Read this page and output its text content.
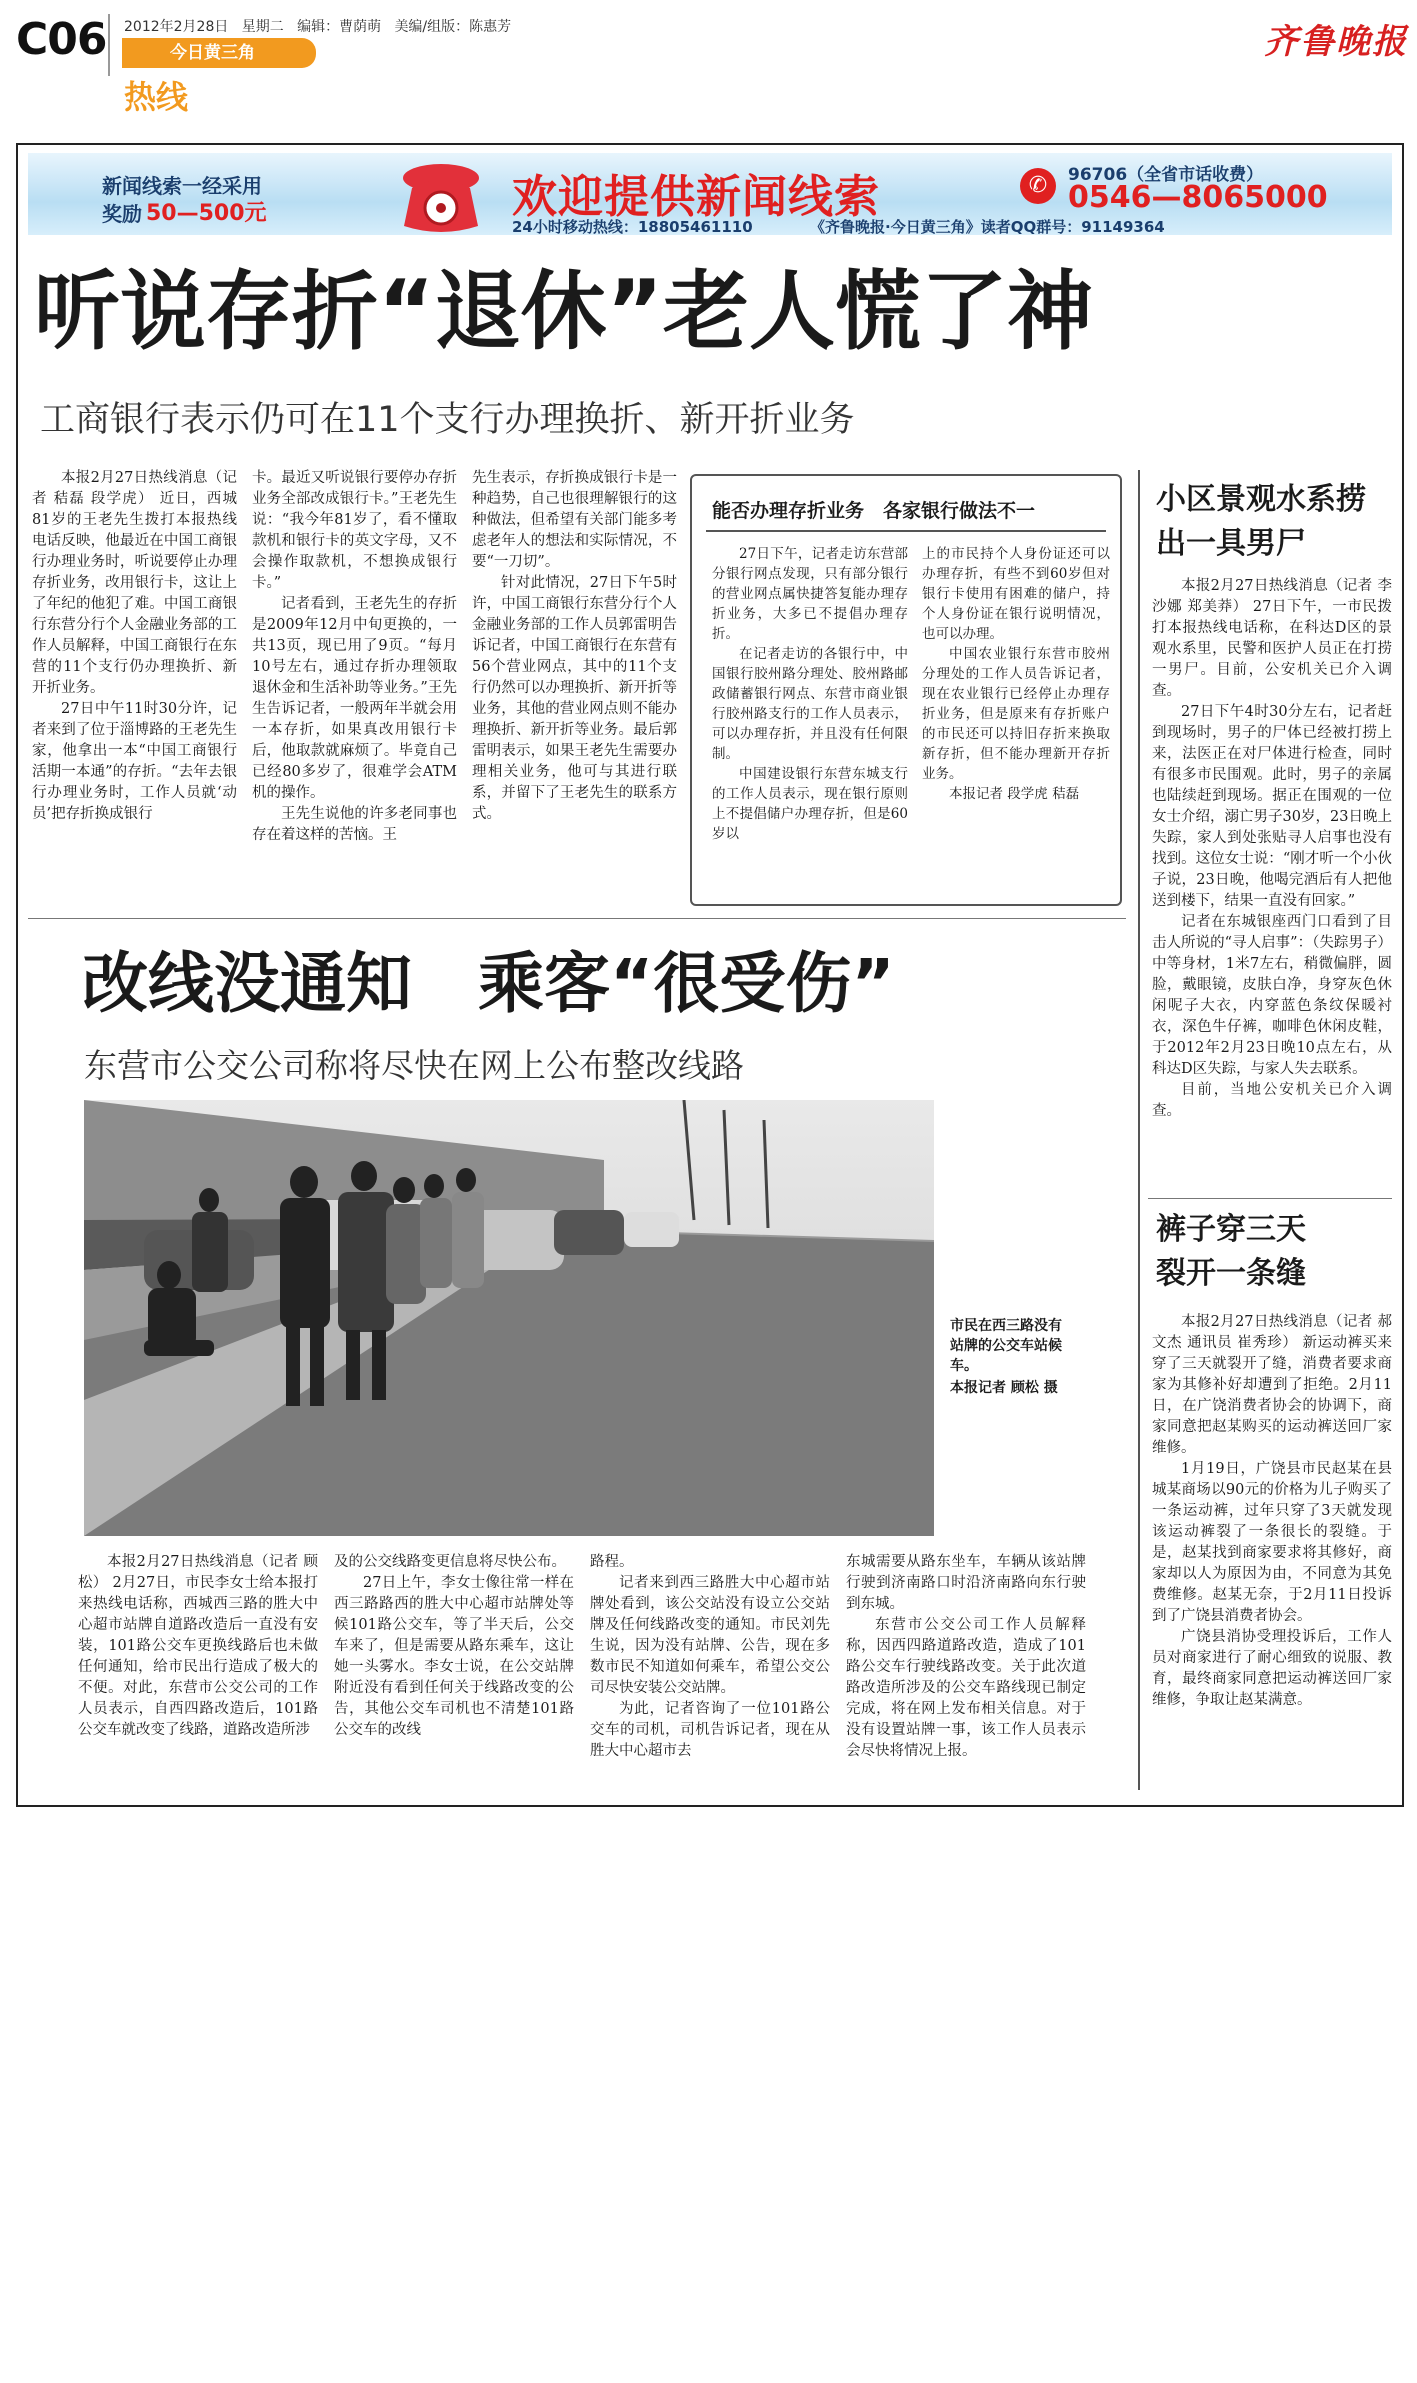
C06 2012年2月28日 星期二 编辑：曹荫萌 美编/组版：陈惠芳
今日黄三角
热线
齐鲁晚报
新闻线索一经采用
奖励 50—500元	欢迎提供新闻线索	✆	96706（全省市话收费）
0546—8065000
24小时移动热线：18805461110	《齐鲁晚报·今日黄三角》读者QQ群号：91149364
听说存折“退休”老人慌了神
工商银行表示仍可在11个支行办理换折、新开折业务

本报2月27日热线消息（记者 秸磊 段学虎） 近日，西城81岁的王老先生拨打本报热线电话反映，他最近在中国工商银行办理业务时，听说要停止办理存折业务，改用银行卡，这让上了年纪的他犯了难。中国工商银行东营分行个人金融业务部的工作人员解释，中国工商银行在东营的11个支行仍办理换折、新开折业务。

27日中午11时30分许，记者来到了位于淄博路的王老先生家，他拿出一本“中国工商银行活期一本通”的存折。“去年去银行办理业务时，工作人员就‘动员’把存折换成银行

卡。最近又听说银行要停办存折业务全部改成银行卡。”王老先生说：“我今年81岁了，看不懂取款机和银行卡的英文字母，又不会操作取款机，不想换成银行卡。”

记者看到，王老先生的存折是2009年12月中旬更换的，一共13页，现已用了9页。“每月10号左右，通过存折办理领取退休金和生活补助等业务。”王先生告诉记者，一般两年半就会用一本存折，如果真改用银行卡后，他取款就麻烦了。毕竟自己已经80多岁了，很难学会ATM机的操作。

王先生说他的许多老同事也存在着这样的苦恼。王

先生表示，存折换成银行卡是一种趋势，自己也很理解银行的这种做法，但希望有关部门能多考虑老年人的想法和实际情况，不要“一刀切”。

针对此情况，27日下午5时许，中国工商银行东营分行个人金融业务部的工作人员郭雷明告诉记者，中国工商银行在东营有56个营业网点，其中的11个支行仍然可以办理换折、新开折等业务，其他的营业网点则不能办理换折、新开折等业务。最后郭雷明表示，如果王老先生需要办理相关业务，他可与其进行联系，并留下了王老先生的联系方式。

能否办理存折业务　各家银行做法不一

27日下午，记者走访东营部分银行网点发现，只有部分银行的营业网点属快捷答复能办理存折业务，大多已不提倡办理存折。

在记者走访的各银行中，中国银行胶州路分理处、胶州路邮政储蓄银行网点、东营市商业银行胶州路支行的工作人员表示，可以办理存折，并且没有任何限制。

中国建设银行东营东城支行的工作人员表示，现在银行原则上不提倡储户办理存折，但是60岁以

上的市民持个人身份证还可以办理存折，有些不到60岁但对银行卡使用有困难的储户，持个人身份证在银行说明情况，也可以办理。

中国农业银行东营市胶州分理处的工作人员告诉记者，现在农业银行已经停止办理存折业务，但是原来有存折账户的市民还可以持旧存折来换取新存折，但不能办理新开存折业务。

本报记者 段学虎 秸磊

小区景观水系捞出一具男尸

本报2月27日热线消息（记者 李沙娜 郑美莽） 27日下午，一市民拨打本报热线电话称，在科达D区的景观水系里，民警和医护人员正在打捞一男尸。目前，公安机关已介入调查。

27日下午4时30分左右，记者赶到现场时，男子的尸体已经被打捞上来，法医正在对尸体进行检查，同时有很多市民围观。此时，男子的亲属也陆续赶到现场。据正在围观的一位女士介绍，溺亡男子30岁，23日晚上失踪，家人到处张贴寻人启事也没有找到。这位女士说：“刚才听一个小伙子说，23日晚，他喝完酒后有人把他送到楼下，结果一直没有回家。”

记者在东城银座西门口看到了目击人所说的“寻人启事”：（失踪男子）中等身材，1米7左右，稍微偏胖，圆脸，戴眼镜，皮肤白净，身穿灰色休闲呢子大衣，内穿蓝色条纹保暖衬衣，深色牛仔裤，咖啡色休闲皮鞋，于2012年2月23日晚10点左右，从科达D区失踪，与家人失去联系。

目前，当地公安机关已介入调查。

裤子穿三天裂开一条缝

本报2月27日热线消息（记者 郝文杰 通讯员 崔秀珍） 新运动裤买来穿了三天就裂开了缝，消费者要求商家为其修补好却遭到了拒绝。2月11日，在广饶消费者协会的协调下，商家同意把赵某购买的运动裤送回厂家维修。

1月19日，广饶县市民赵某在县城某商场以90元的价格为儿子购买了一条运动裤，过年只穿了3天就发现该运动裤裂了一条很长的裂缝。于是，赵某找到商家要求将其修好，商家却以人为原因为由，不同意为其免费维修。赵某无奈，于2月11日投诉到了广饶县消费者协会。

广饶县消协受理投诉后，工作人员对商家进行了耐心细致的说服、教育，最终商家同意把运动裤送回厂家维修，争取让赵某满意。

改线没通知　乘客“很受伤”
东营市公交公司称将尽快在网上公布整改线路
市民在西三路没有站牌的公交车站候车。
本报记者 顾松 摄

本报2月27日热线消息（记者 顾松） 2月27日，市民李女士给本报打来热线电话称，西城西三路的胜大中心超市站牌自道路改造后一直没有安装，101路公交车更换线路后也未做任何通知，给市民出行造成了极大的不便。对此，东营市公交公司的工作人员表示，自西四路改造后，101路公交车就改变了线路，道路改造所涉

及的公交线路变更信息将尽快公布。

27日上午，李女士像往常一样在西三路路西的胜大中心超市站牌处等候101路公交车，等了半天后，公交车来了，但是需要从路东乘车，这让她一头雾水。李女士说，在公交站牌附近没有看到任何关于线路改变的公告，其他公交车司机也不清楚101路公交车的改线

路程。

记者来到西三路胜大中心超市站牌处看到，该公交站没有设立公交站牌及任何线路改变的通知。市民刘先生说，因为没有站牌、公告，现在多数市民不知道如何乘车，希望公交公司尽快安装公交站牌。

为此，记者咨询了一位101路公交车的司机，司机告诉记者，现在从胜大中心超市去

东城需要从路东坐车，车辆从该站牌行驶到济南路口时沿济南路向东行驶到东城。

东营市公交公司工作人员解释称，因西四路道路改造，造成了101路公交车行驶线路改变。关于此次道路改造所涉及的公交车路线现已制定完成，将在网上发布相关信息。对于没有设置站牌一事，该工作人员表示会尽快将情况上报。
